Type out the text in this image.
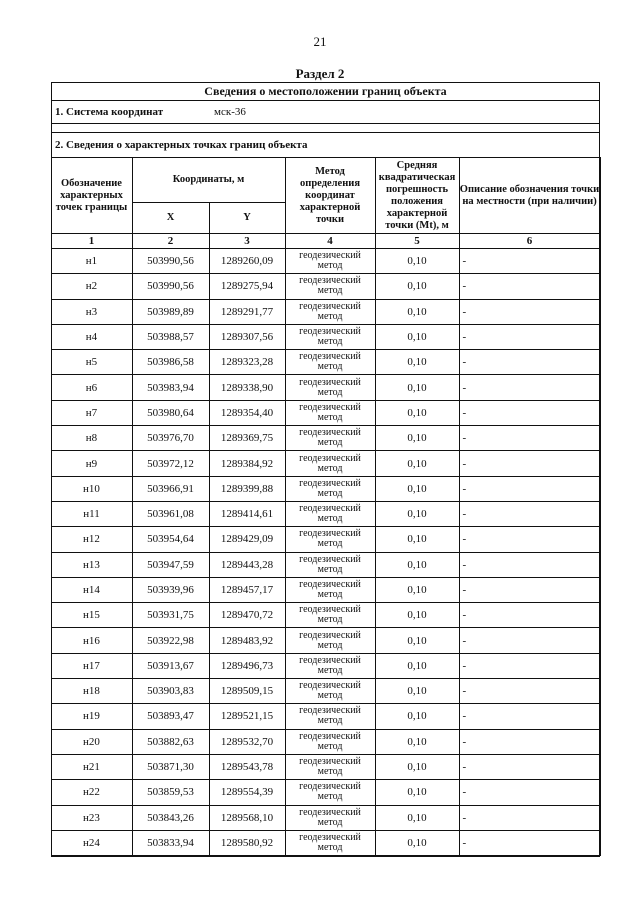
21
Раздел 2
Сведения о местоположении границ объекта
1. Система координат	мск-36
2. Сведения о характерных точках границ объекта
Обозначение характерных точек границы	Координаты, м		Метод определения координат характерной точки	Средняя квадратическая погрешность положения характерной точки (Mt), м	Описание обозначения точки на местности (при наличии)
	X	Y			
1	2	3	4	5	6
н1	503990,56	1289260,09	геодезический метод	0,10	-
н2	503990,56	1289275,94	геодезический метод	0,10	-
н3	503989,89	1289291,77	геодезический метод	0,10	-
н4	503988,57	1289307,56	геодезический метод	0,10	-
н5	503986,58	1289323,28	геодезический метод	0,10	-
н6	503983,94	1289338,90	геодезический метод	0,10	-
н7	503980,64	1289354,40	геодезический метод	0,10	-
н8	503976,70	1289369,75	геодезический метод	0,10	-
н9	503972,12	1289384,92	геодезический метод	0,10	-
н10	503966,91	1289399,88	геодезический метод	0,10	-
н11	503961,08	1289414,61	геодезический метод	0,10	-
н12	503954,64	1289429,09	геодезический метод	0,10	-
н13	503947,59	1289443,28	геодезический метод	0,10	-
н14	503939,96	1289457,17	геодезический метод	0,10	-
н15	503931,75	1289470,72	геодезический метод	0,10	-
н16	503922,98	1289483,92	геодезический метод	0,10	-
н17	503913,67	1289496,73	геодезический метод	0,10	-
н18	503903,83	1289509,15	геодезический метод	0,10	-
н19	503893,47	1289521,15	геодезический метод	0,10	-
н20	503882,63	1289532,70	геодезический метод	0,10	-
н21	503871,30	1289543,78	геодезический метод	0,10	-
н22	503859,53	1289554,39	геодезический метод	0,10	-
н23	503843,26	1289568,10	геодезический метод	0,10	-
н24	503833,94	1289580,92	геодезический метод	0,10	-
